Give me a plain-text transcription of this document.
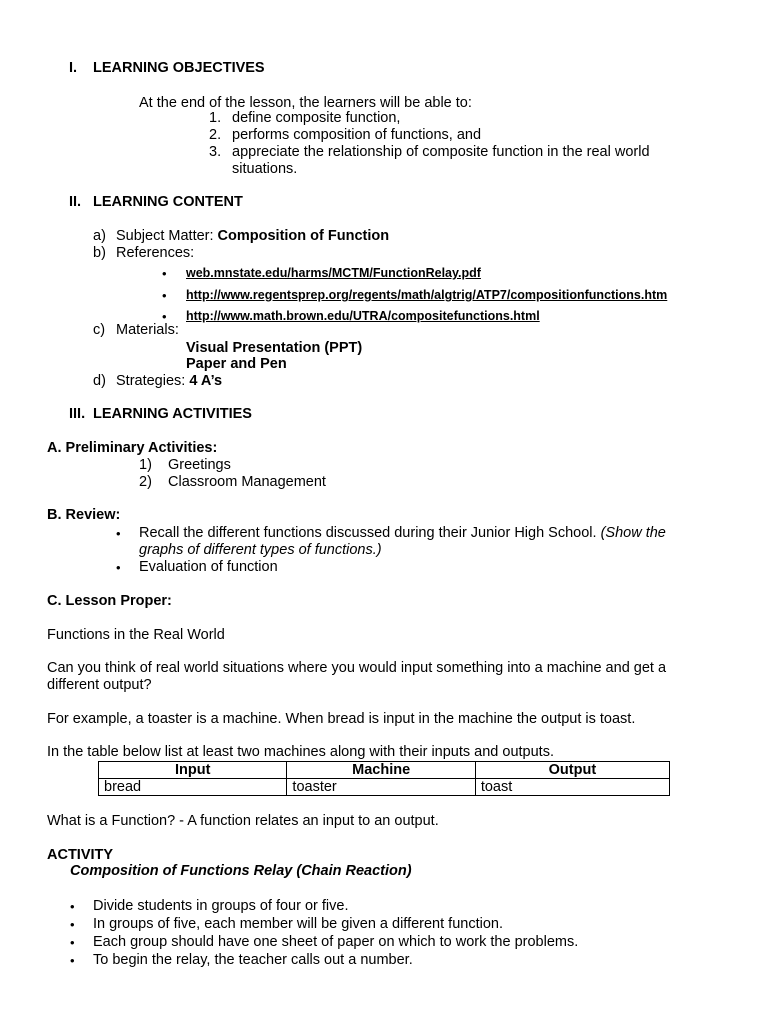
I. LEARNING OBJECTIVES
At the end of the lesson, the learners will be able to:
1. define composite function,
2. performs composition of functions, and
3. appreciate the relationship of composite function in the real world
situations.
II. LEARNING CONTENT
a) Subject Matter: Composition of Function
b) References:
• web.mnstate.edu/harms/MCTM/FunctionRelay.pdf
• http://www.regentsprep.org/regents/math/algtrig/ATP7/compositionfunctions.htm
• http://www.math.brown.edu/UTRA/compositefunctions.html
c) Materials:
Visual Presentation (PPT)
Paper and Pen
d) Strategies: 4 A’s
III. LEARNING ACTIVITIES
A. Preliminary Activities:
1) Greetings
2) Classroom Management
B. Review:
• Recall the different functions discussed during their Junior High School. (Show the
graphs of different types of functions.)
• Evaluation of function
C. Lesson Proper:
Functions in the Real World
Can you think of real world situations where you would input something into a machine and get a
different output?
For example, a toaster is a machine. When bread is input in the machine the output is toast.
In the table below list at least two machines along with their inputs and outputs.
Input	Machine	Output
bread	toaster	toast
What is a Function? - A function relates an input to an output.
ACTIVITY
Composition of Functions Relay (Chain Reaction)
• Divide students in groups of four or five.
• In groups of five, each member will be given a different function.
• Each group should have one sheet of paper on which to work the problems.
• To begin the relay, the teacher calls out a number.
